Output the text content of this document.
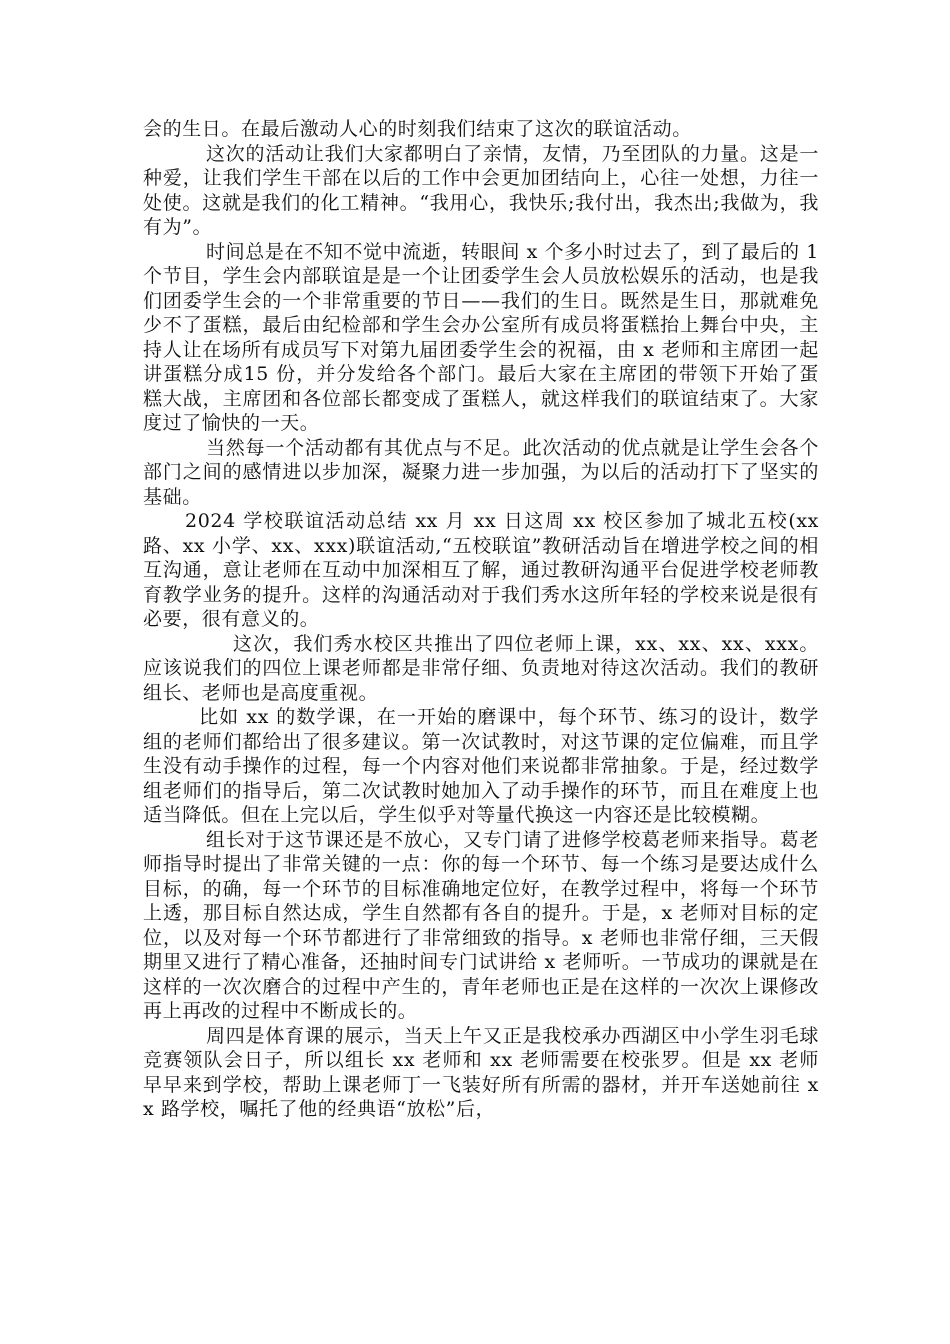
会的生日。在最后激动人心的时刻我们结束了这次的联谊活动。

这次的活动让我们大家都明白了亲情，友情，乃至团队的力量。这是一种爱，让我们学生干部在以后的工作中会更加团结向上，心往一处想，力往一处使。这就是我们的化工精神。“我用心，我快乐;我付出，我杰出;我做为，我有为”。

时间总是在不知不觉中流逝，转眼间 x 个多小时过去了，到了最后的 1 个节目，学生会内部联谊是是一个让团委学生会人员放松娱乐的活动，也是我们团委学生会的一个非常重要的节日——我们的生日。既然是生日，那就难免少不了蛋糕，最后由纪检部和学生会办公室所有成员将蛋糕抬上舞台中央，主持人让在场所有成员写下对第九届团委学生会的祝福，由 x 老师和主席团一起讲蛋糕分成15 份，并分发给各个部门。最后大家在主席团的带领下开始了蛋糕大战，主席团和各位部长都变成了蛋糕人，就这样我们的联谊结束了。大家度过了愉快的一天。

当然每一个活动都有其优点与不足。此次活动的优点就是让学生会各个部门之间的感情进以步加深，凝聚力进一步加强，为以后的活动打下了坚实的基础。

2024 学校联谊活动总结 xx 月 xx 日这周 xx 校区参加了城北五校(xx 路、xx 小学、xx、xxx)联谊活动,“五校联谊”教研活动旨在增进学校之间的相互沟通，意让老师在互动中加深相互了解，通过教研沟通平台促进学校老师教育教学业务的提升。这样的沟通活动对于我们秀水这所年轻的学校来说是很有必要，很有意义的。

这次，我们秀水校区共推出了四位老师上课，xx、xx、xx、xxx。应该说我们的四位上课老师都是非常仔细、负责地对待这次活动。我们的教研组长、老师也是高度重视。

比如 xx 的数学课，在一开始的磨课中，每个环节、练习的设计，数学组的老师们都给出了很多建议。第一次试教时，对这节课的定位偏难，而且学生没有动手操作的过程，每一个内容对他们来说都非常抽象。于是，经过数学组老师们的指导后，第二次试教时她加入了动手操作的环节，而且在难度上也适当降低。但在上完以后，学生似乎对等量代换这一内容还是比较模糊。

组长对于这节课还是不放心，又专门请了进修学校葛老师来指导。葛老师指导时提出了非常关键的一点：你的每一个环节、每一个练习是要达成什么目标，的确，每一个环节的目标准确地定位好，在教学过程中，将每一个环节上透，那目标自然达成，学生自然都有各自的提升。于是，x 老师对目标的定位，以及对每一个环节都进行了非常细致的指导。x 老师也非常仔细，三天假期里又进行了精心准备，还抽时间专门试讲给 x 老师听。一节成功的课就是在这样的一次次磨合的过程中产生的，青年老师也正是在这样的一次次上课修改再上再改的过程中不断成长的。

周四是体育课的展示，当天上午又正是我校承办西湖区中小学生羽毛球竞赛领队会日子，所以组长 xx 老师和 xx 老师需要在校张罗。但是 xx 老师早早来到学校，帮助上课老师丁一飞装好所有所需的器材，并开车送她前往 xx 路学校，嘱托了他的经典语“放松”后，
